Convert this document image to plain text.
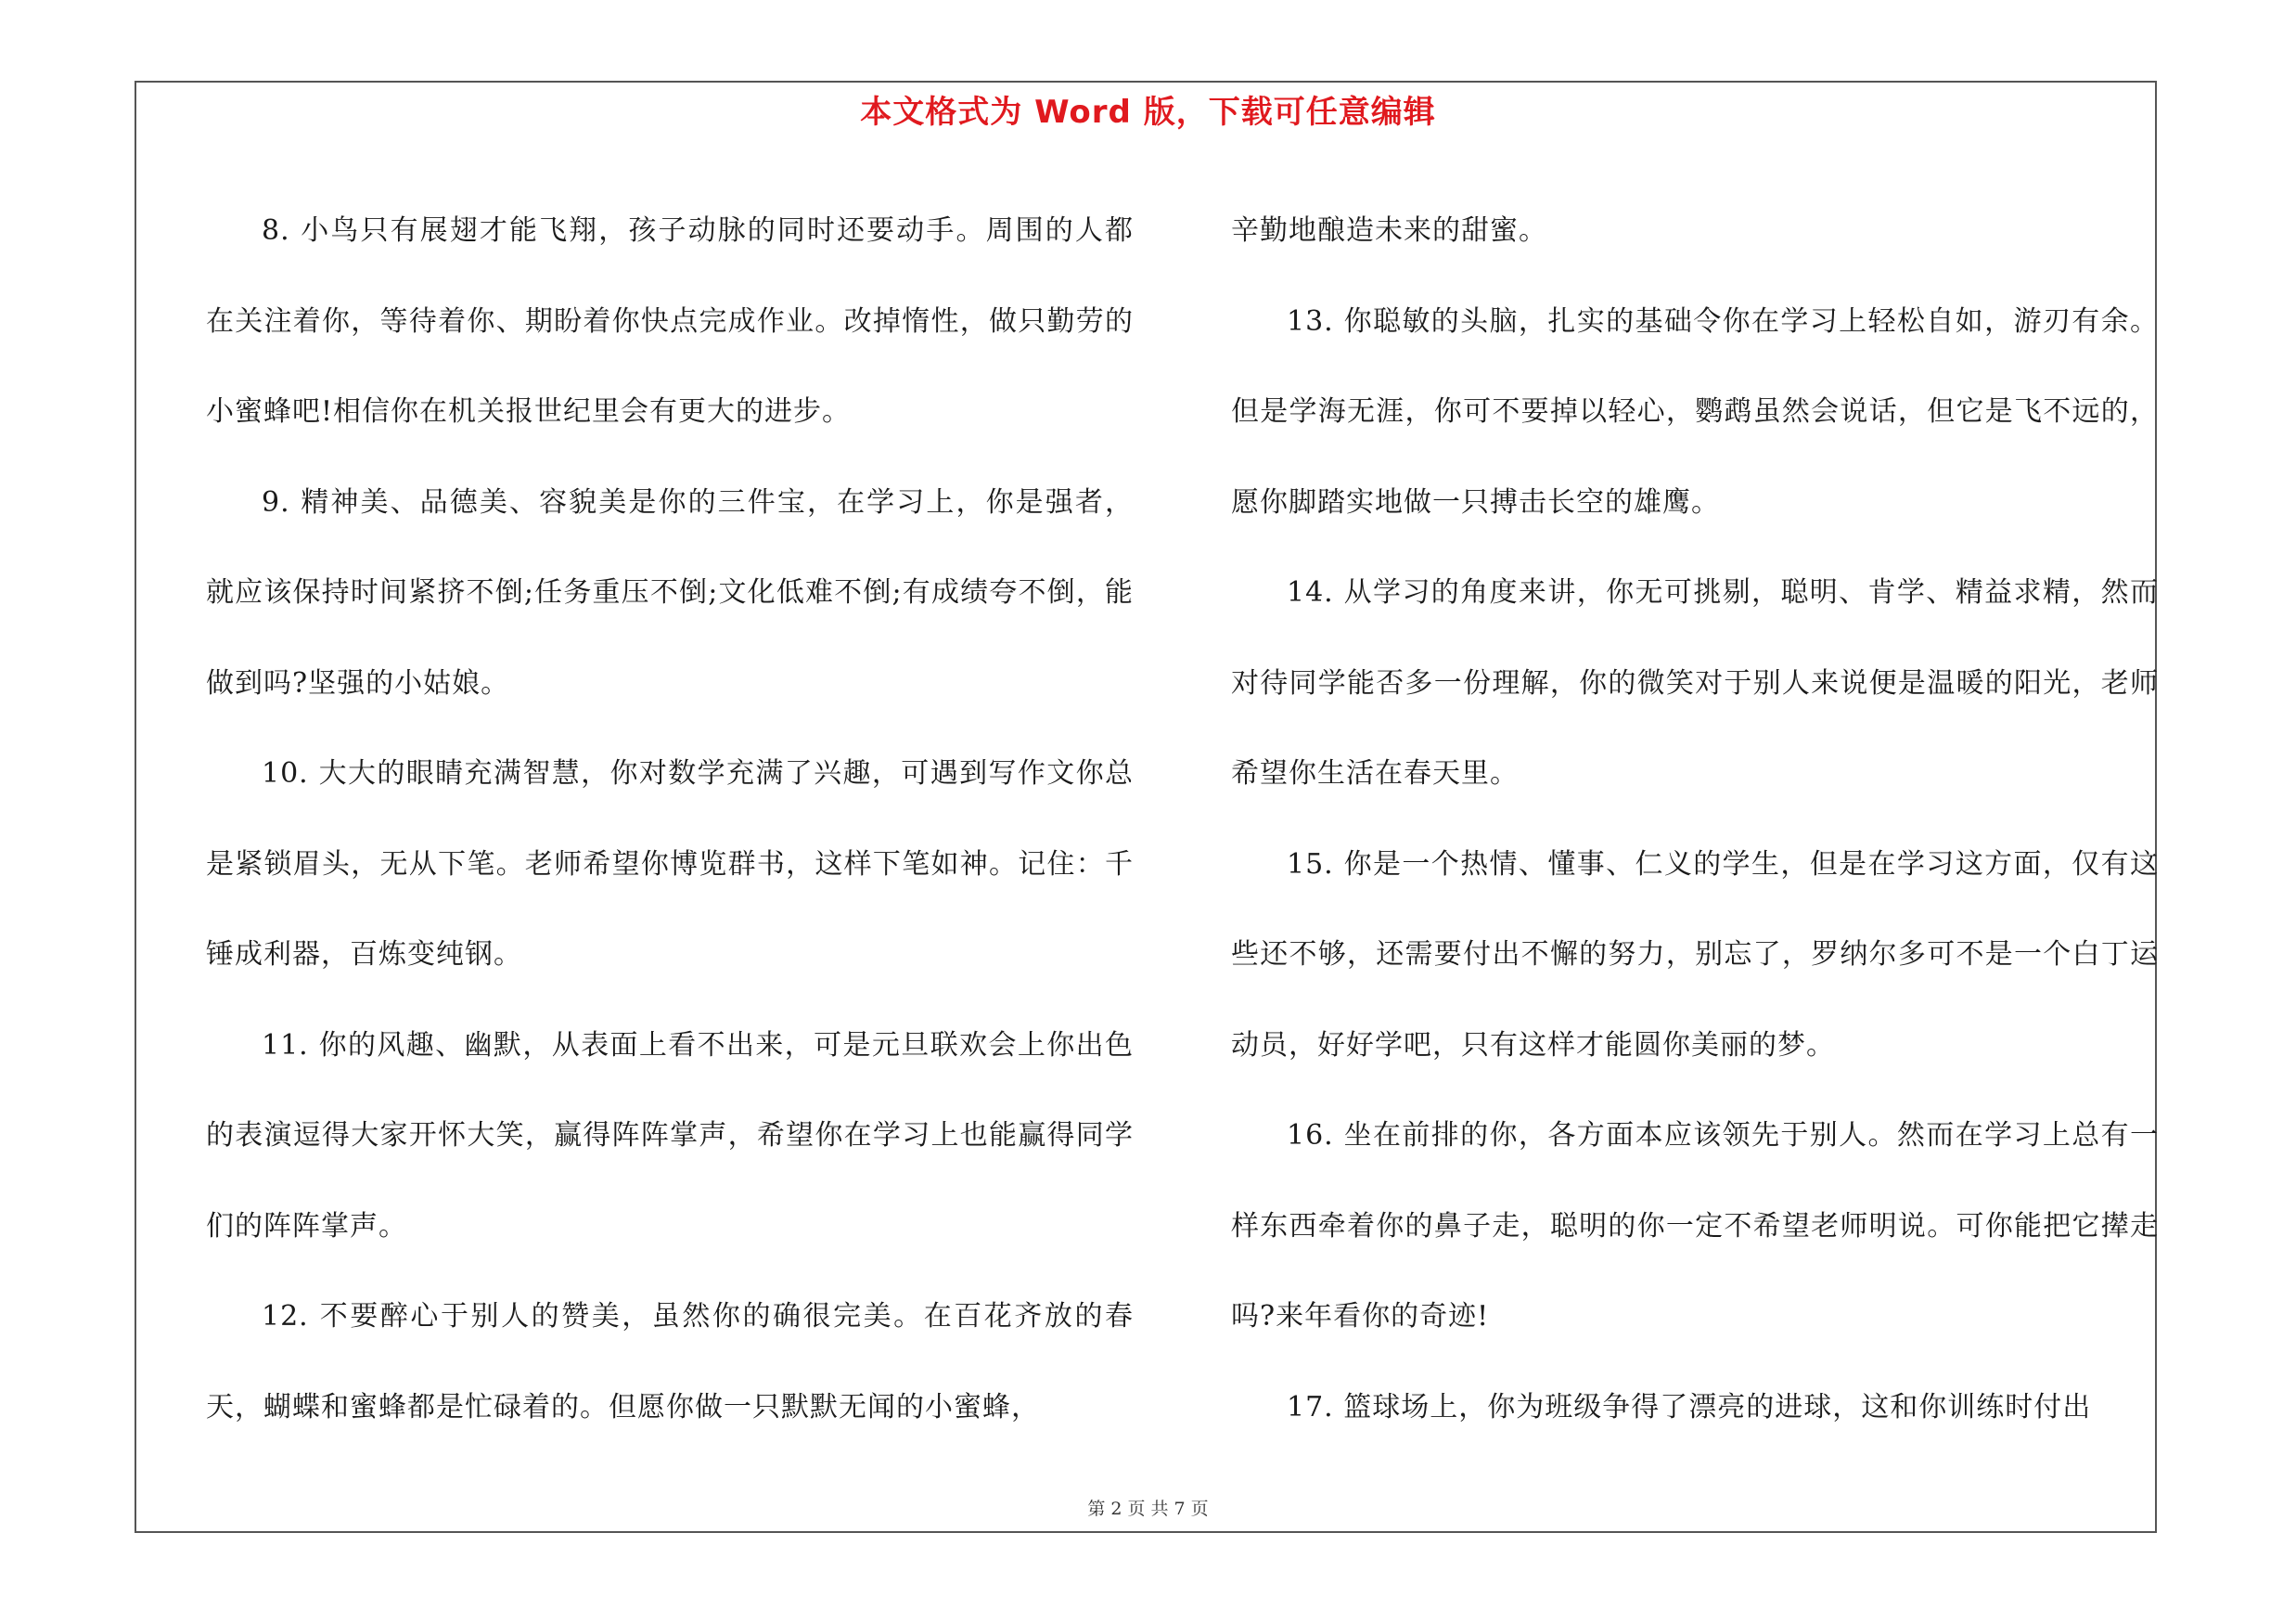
本文格式为 Word 版，下载可任意编辑

8. 小鸟只有展翅才能飞翔，孩子动脉的同时还要动手。周围的人都在关注着你，等待着你、期盼着你快点完成作业。改掉惰性，做只勤劳的小蜜蜂吧!相信你在机关报世纪里会有更大的进步。

9. 精神美、品德美、容貌美是你的三件宝，在学习上，你是强者，就应该保持时间紧挤不倒;任务重压不倒;文化低难不倒;有成绩夸不倒，能做到吗?坚强的小姑娘。

10. 大大的眼睛充满智慧，你对数学充满了兴趣，可遇到写作文你总是紧锁眉头，无从下笔。老师希望你博览群书，这样下笔如神。记住：千锤成利器，百炼变纯钢。

11. 你的风趣、幽默，从表面上看不出来，可是元旦联欢会上你出色的表演逗得大家开怀大笑，赢得阵阵掌声，希望你在学习上也能赢得同学们的阵阵掌声。

12. 不要醉心于别人的赞美，虽然你的确很完美。在百花齐放的春天，蝴蝶和蜜蜂都是忙碌着的。但愿你做一只默默无闻的小蜜蜂，

辛勤地酿造未来的甜蜜。

13. 你聪敏的头脑，扎实的基础令你在学习上轻松自如，游刃有余。但是学海无涯，你可不要掉以轻心，鹦鹉虽然会说话，但它是飞不远的，愿你脚踏实地做一只搏击长空的雄鹰。

14. 从学习的角度来讲，你无可挑剔，聪明、肯学、精益求精，然而对待同学能否多一份理解，你的微笑对于别人来说便是温暖的阳光，老师希望你生活在春天里。

15. 你是一个热情、懂事、仁义的学生，但是在学习这方面，仅有这些还不够，还需要付出不懈的努力，别忘了，罗纳尔多可不是一个白丁运动员，好好学吧，只有这样才能圆你美丽的梦。

16. 坐在前排的你，各方面本应该领先于别人。然而在学习上总有一样东西牵着你的鼻子走，聪明的你一定不希望老师明说。可你能把它撵走吗?来年看你的奇迹!

17. 篮球场上，你为班级争得了漂亮的进球，这和你训练时付出

第 2 页 共 7 页
